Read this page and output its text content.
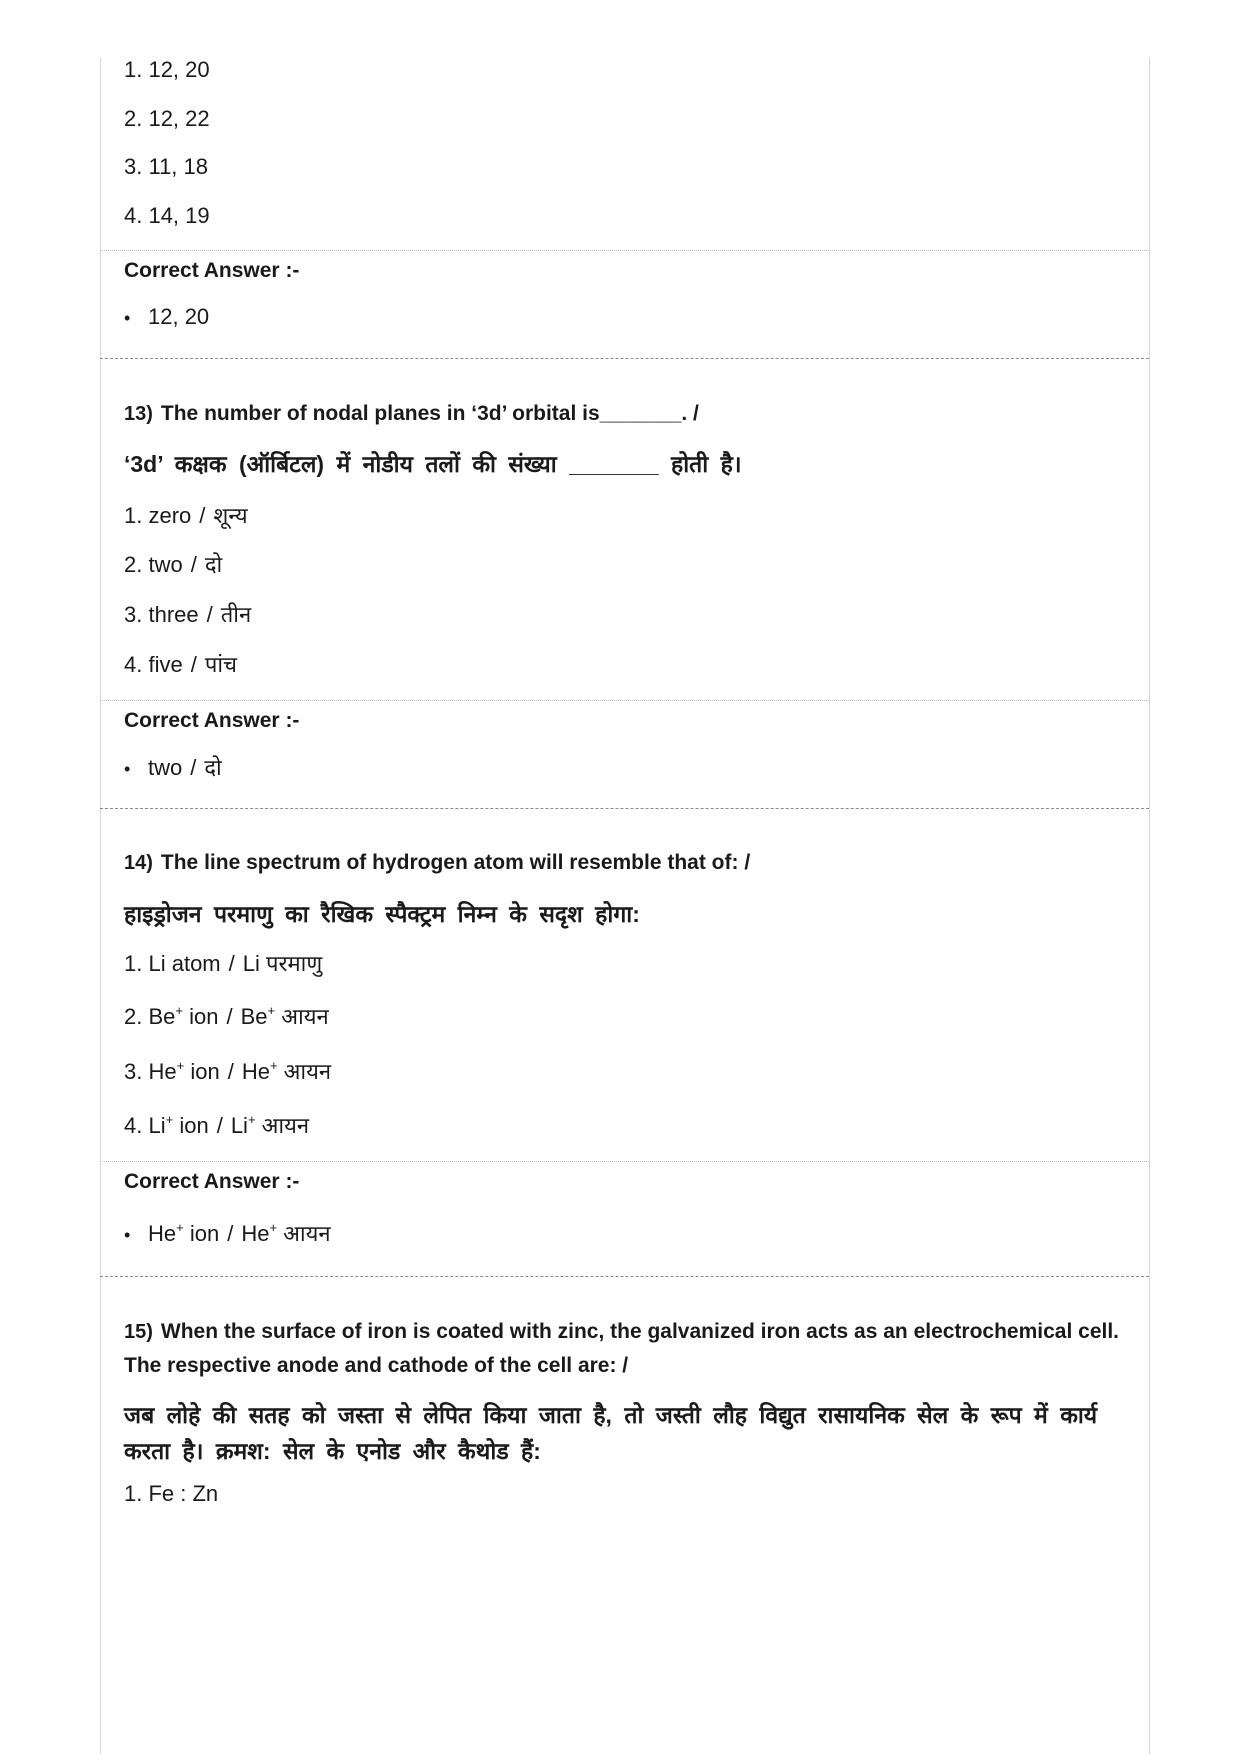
1. 12, 20
2. 12, 22
3. 11, 18
4. 14, 19
Correct Answer :-
• 12, 20
13) The number of nodal planes in ‘3d’ orbital is_______. /
‘3d’ कक्षक (ऑर्बिटल) में नोडीय तलों की संख्या _______ होती है।
1. zero / शून्य
2. two / दो
3. three / तीन
4. five / पांच
Correct Answer :-
• two / दो
14) The line spectrum of hydrogen atom will resemble that of: /
हाइड्रोजन परमाणु का रैखिक स्पैक्ट्रम निम्न के सदृश होगा:
1. Li atom / Li परमाणु
2. Be+ ion / Be+ आयन
3. He+ ion / He+ आयन
4. Li+ ion / Li+ आयन
Correct Answer :-
• He+ ion / He+ आयन
15) When the surface of iron is coated with zinc, the galvanized iron acts as an electrochemical cell. The respective anode and cathode of the cell are: /
जब लोहे की सतह को जस्ता से लेपित किया जाता है, तो जस्ती लौह विद्युत रासायनिक सेल के रूप में कार्य करता है। क्रमश: सेल के एनोड और कैथोड हैं:
1. Fe : Zn
